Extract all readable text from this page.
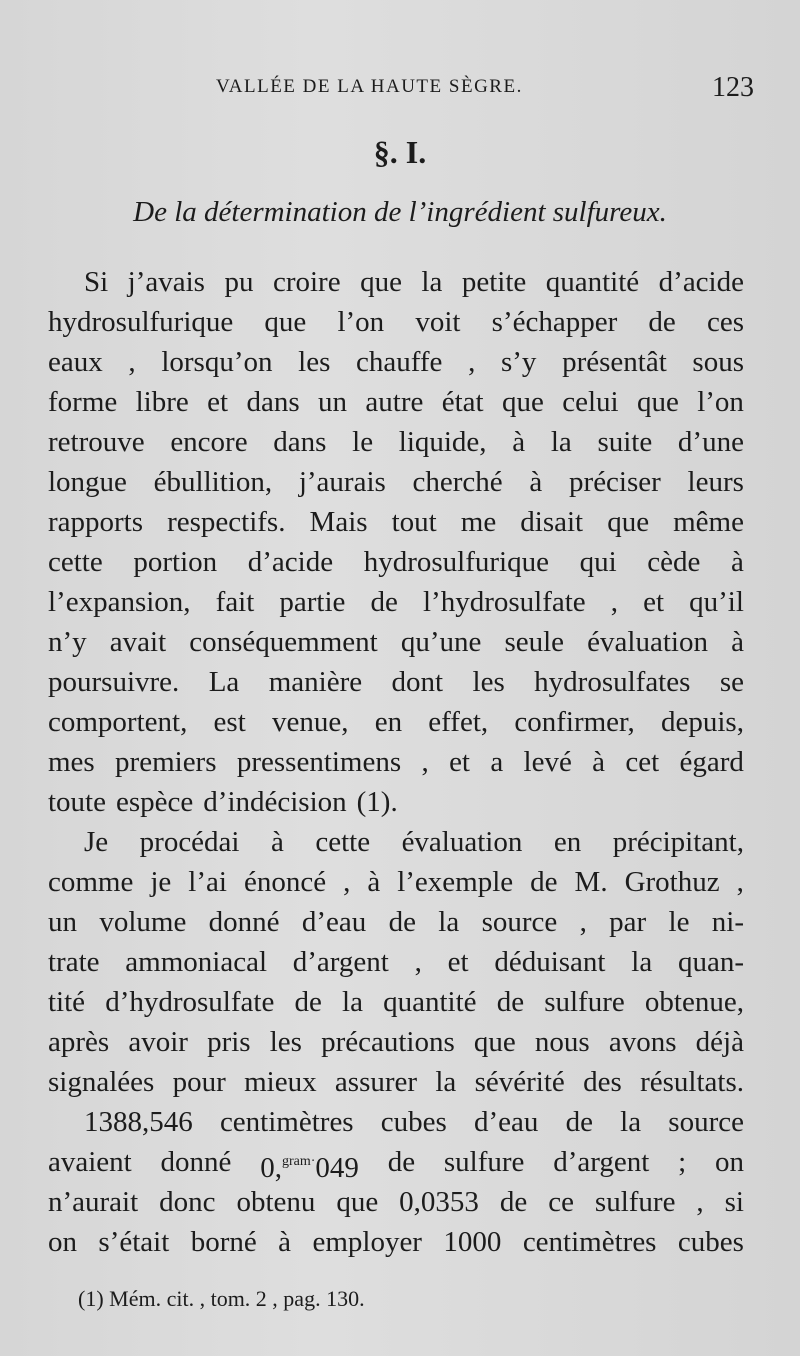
VALLÉE DE LA HAUTE SÈGRE.	123
§. I.
De la détermination de l’ingrédient sulfureux.
Si j’avais pu croire que la petite quantité d’acide
hydrosulfurique que l’on voit s’échapper de ces
eaux , lorsqu’on les chauffe , s’y présentât sous
forme libre et dans un autre état que celui que l’on
retrouve encore dans le liquide, à la suite d’une
longue ébullition, j’aurais cherché à préciser leurs
rapports respectifs. Mais tout me disait que même
cette portion d’acide hydrosulfurique qui cède à
l’expansion, fait partie de l’hydrosulfate , et qu’il
n’y avait conséquemment qu’une seule évaluation à
poursuivre. La manière dont les hydrosulfates se
comportent, est venue, en effet, confirmer, depuis,
mes premiers pressentimens , et a levé à cet égard
toute espèce d’indécision (1).
Je procédai à cette évaluation en précipitant,
comme je l’ai énoncé , à l’exemple de M. Grothuz ,
un volume donné d’eau de la source , par le ni-
trate ammoniacal d’argent , et déduisant la quan-
tité d’hydrosulfate de la quantité de sulfure obtenue,
après avoir pris les précautions que nous avons déjà
signalées pour mieux assurer la sévérité des résultats.
1388,546 centimètres cubes d’eau de la source
avaient donné 0,$^{gram\cdot}$049 de sulfure d’argent ; on
n’aurait donc obtenu que 0,0353 de ce sulfure , si
on s’était borné à employer 1000 centimètres cubes
(1) Mém. cit. , tom. 2 , pag. 130.
